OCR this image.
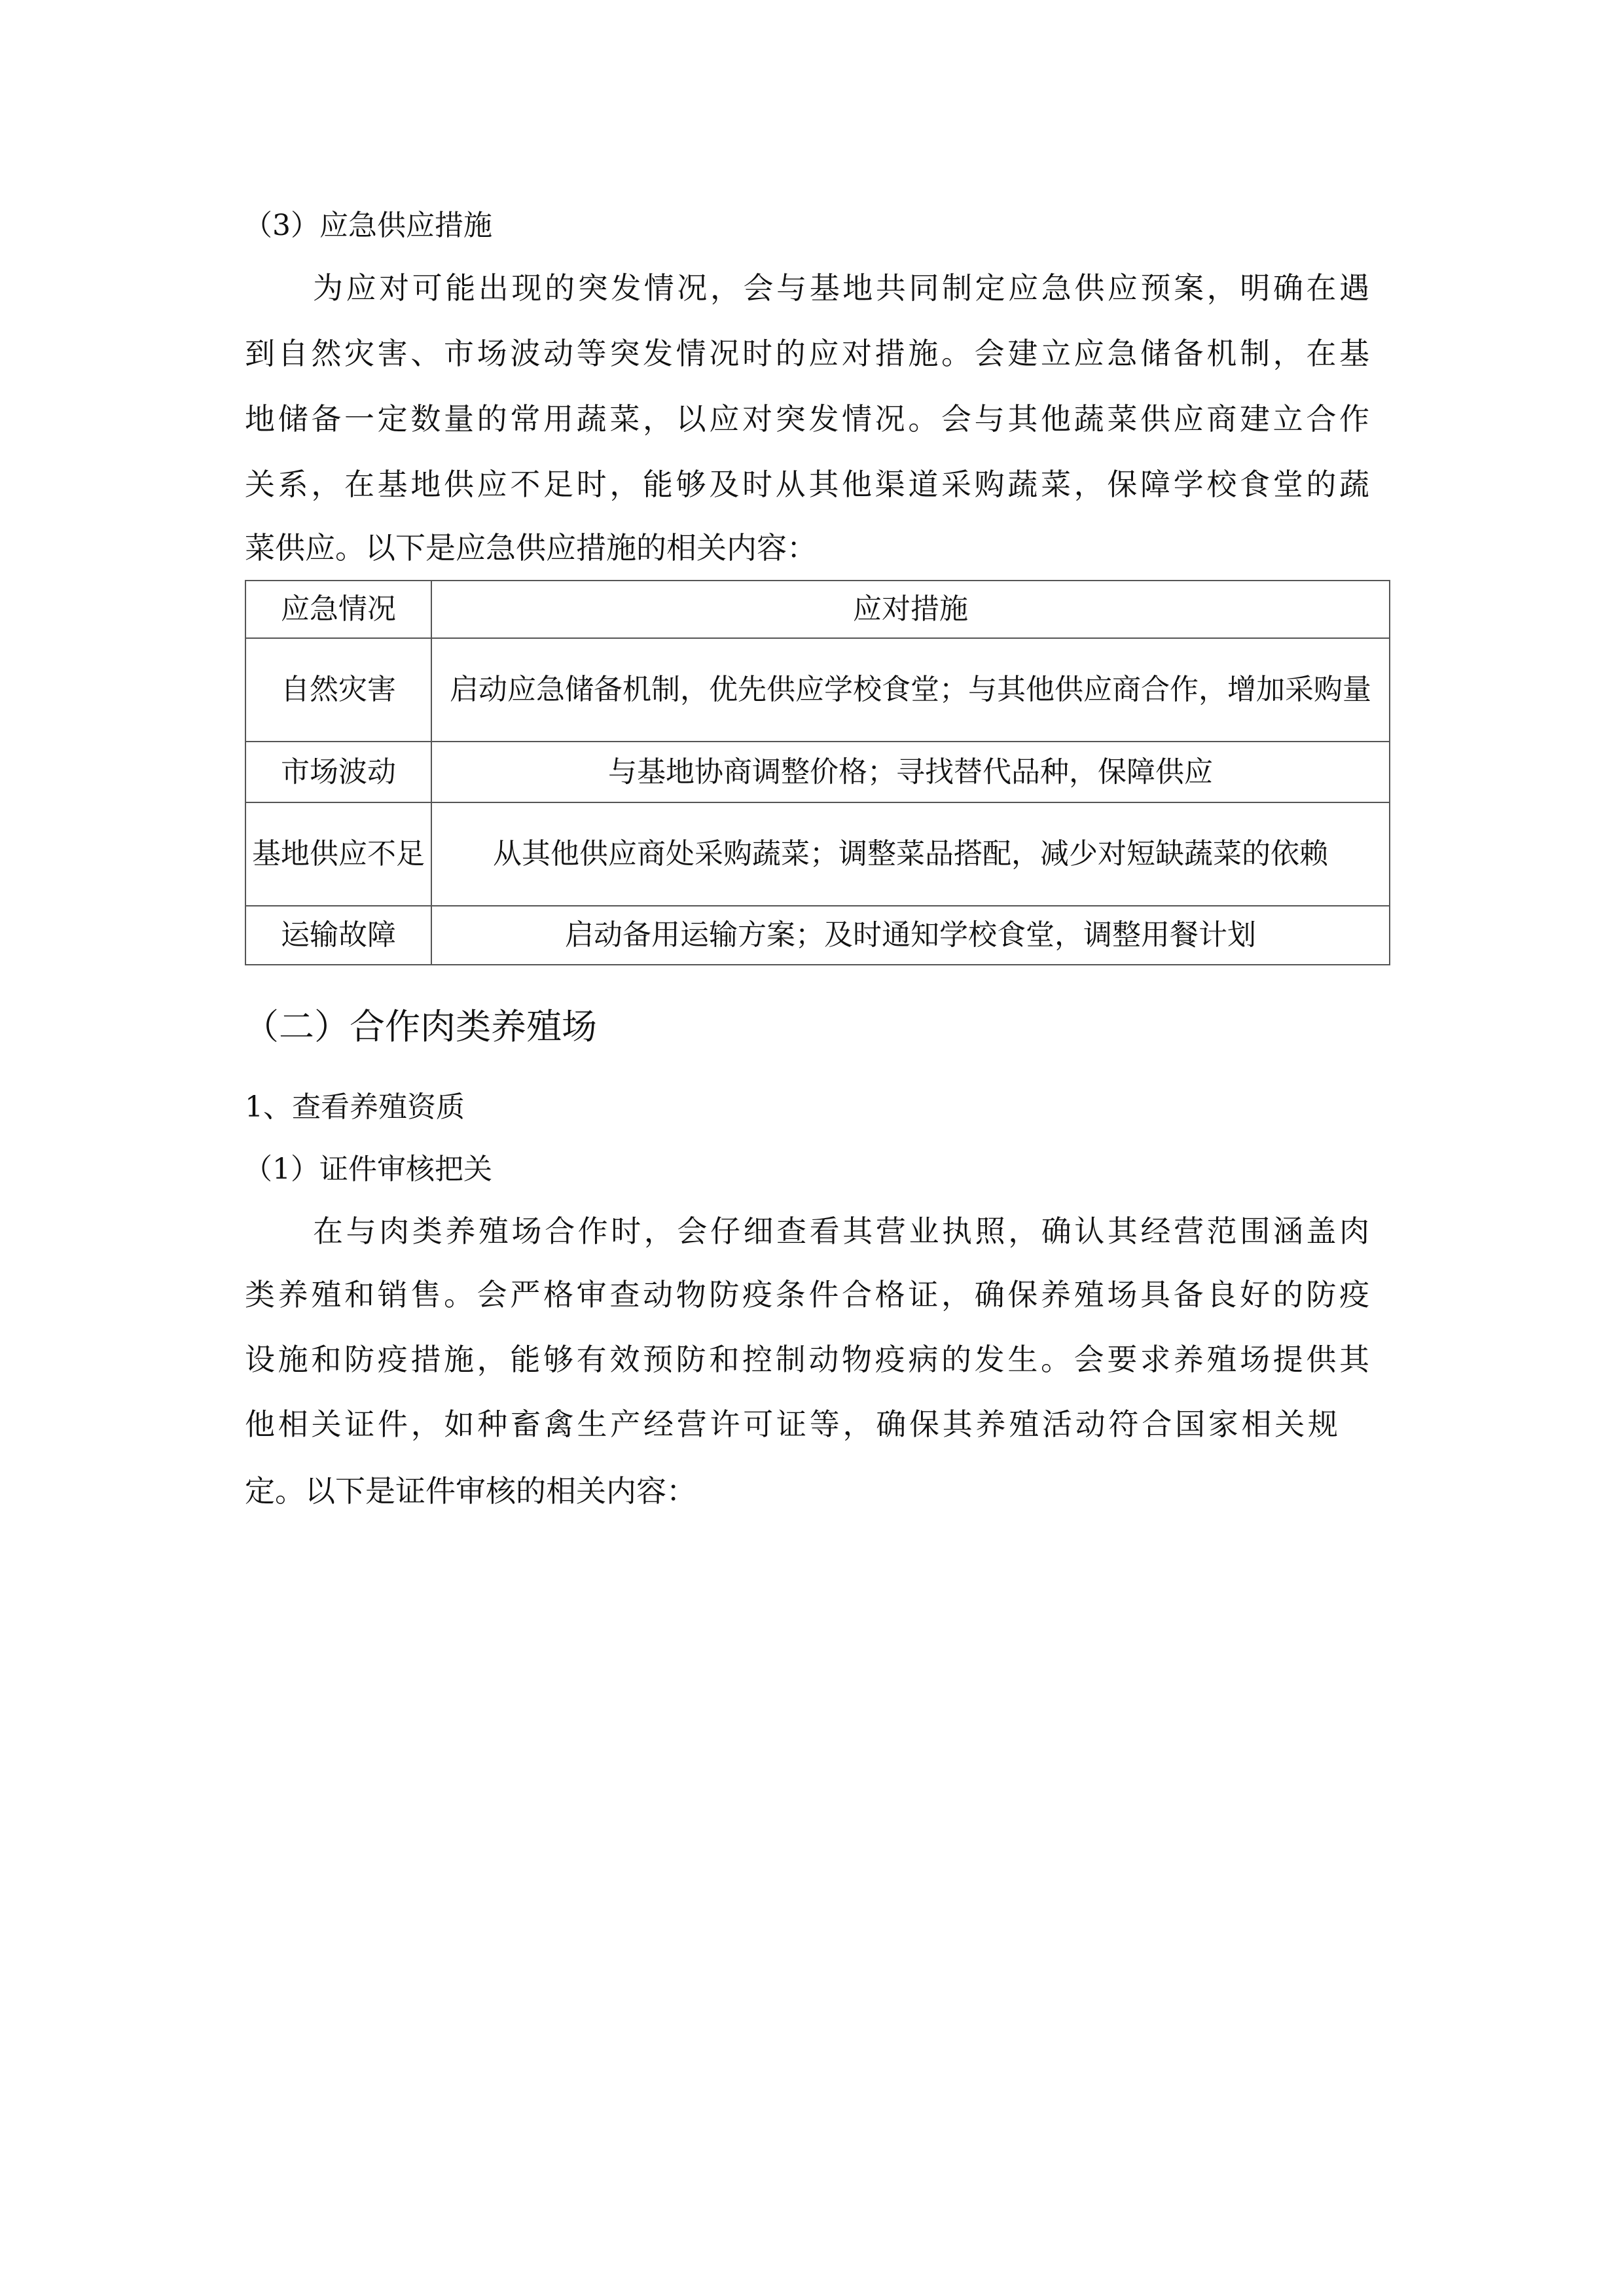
（3）应急供应措施
为应对可能出现的突发情况，会与基地共同制定应急供应预案，明确在遇
到自然灾害、市场波动等突发情况时的应对措施。会建立应急储备机制，在基
地储备一定数量的常用蔬菜，以应对突发情况。会与其他蔬菜供应商建立合作
关系，在基地供应不足时，能够及时从其他渠道采购蔬菜，保障学校食堂的蔬
菜供应。以下是应急供应措施的相关内容：
应急情况	应对措施
自然灾害	启动应急储备机制，优先供应学校食堂；与其他供应商合作，增加采购量
市场波动	与基地协商调整价格；寻找替代品种，保障供应
基地供应不足	从其他供应商处采购蔬菜；调整菜品搭配，减少对短缺蔬菜的依赖
运输故障	启动备用运输方案；及时通知学校食堂，调整用餐计划
（二）合作肉类养殖场
1、查看养殖资质
（1）证件审核把关
在与肉类养殖场合作时，会仔细查看其营业执照，确认其经营范围涵盖肉
类养殖和销售。会严格审查动物防疫条件合格证，确保养殖场具备良好的防疫
设施和防疫措施，能够有效预防和控制动物疫病的发生。会要求养殖场提供其
他相关证件，如种畜禽生产经营许可证等，确保其养殖活动符合国家相关规
定。以下是证件审核的相关内容：
